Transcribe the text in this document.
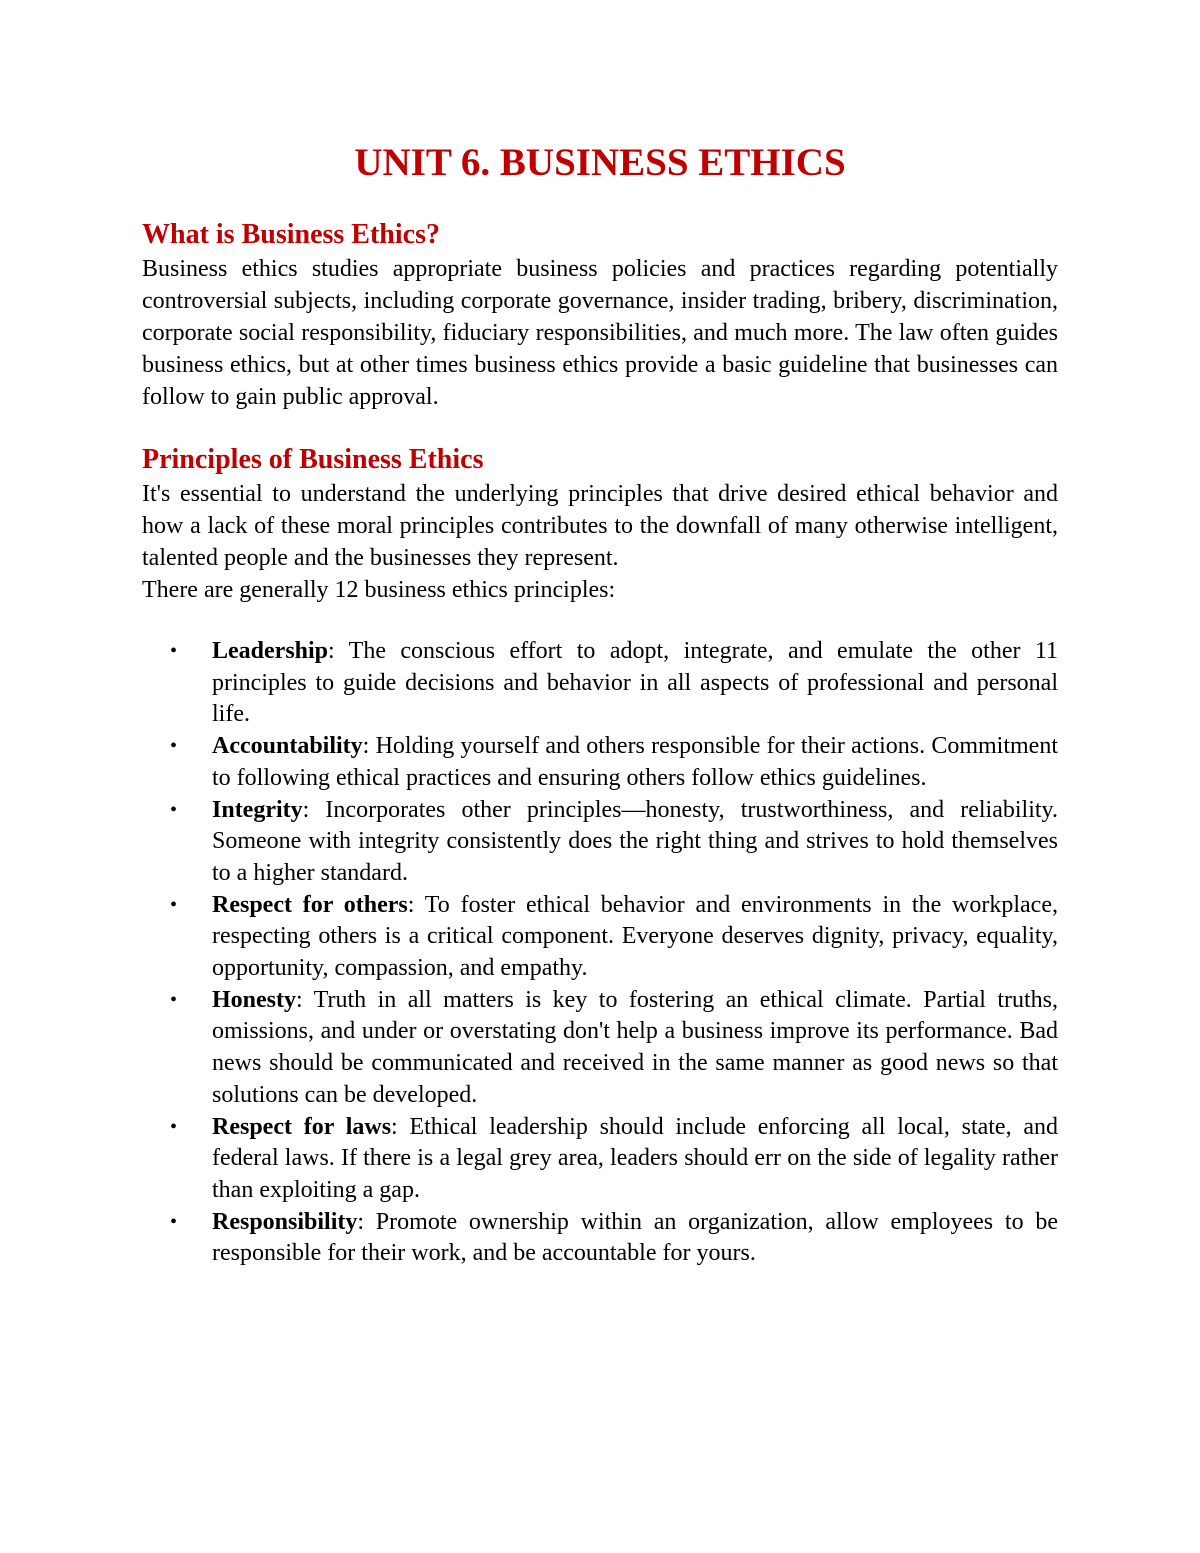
UNIT 6. BUSINESS ETHICS
What is Business Ethics?

Business ethics studies appropriate business policies and practices regarding potentially controversial subjects, including corporate governance, insider trading, bribery, discrimination, corporate social responsibility, fiduciary responsibilities, and much more. The law often guides business ethics, but at other times business ethics provide a basic guideline that businesses can follow to gain public approval.

Principles of Business Ethics

It's essential to understand the underlying principles that drive desired ethical behavior and how a lack of these moral principles contributes to the downfall of many otherwise intelligent, talented people and the businesses they represent.

There are generally 12 business ethics principles:

• Leadership: The conscious effort to adopt, integrate, and emulate the other 11 principles to guide decisions and behavior in all aspects of professional and personal life.
• Accountability: Holding yourself and others responsible for their actions. Commitment to following ethical practices and ensuring others follow ethics guidelines.
• Integrity: Incorporates other principles—honesty, trustworthiness, and reliability. Someone with integrity consistently does the right thing and strives to hold themselves to a higher standard.
• Respect for others: To foster ethical behavior and environments in the workplace, respecting others is a critical component. Everyone deserves dignity, privacy, equality, opportunity, compassion, and empathy.
• Honesty: Truth in all matters is key to fostering an ethical climate. Partial truths, omissions, and under or overstating don't help a business improve its performance. Bad news should be communicated and received in the same manner as good news so that solutions can be developed.
• Respect for laws: Ethical leadership should include enforcing all local, state, and federal laws. If there is a legal grey area, leaders should err on the side of legality rather than exploiting a gap.
• Responsibility: Promote ownership within an organization, allow employees to be responsible for their work, and be accountable for yours.
